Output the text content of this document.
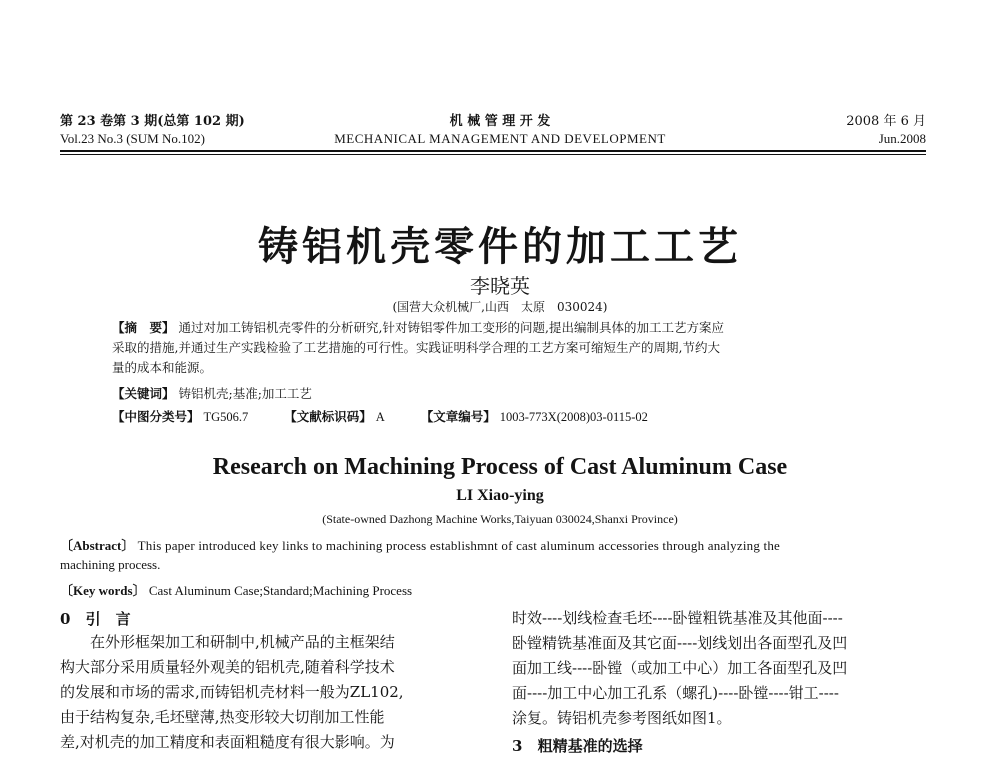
第 23 卷第 3 期(总第 102 期)
Vol.23 No.3 (SUM No.102)
机 械 管 理 开 发
MECHANICAL MANAGEMENT AND DEVELOPMENT
2008 年 6 月
Jun.2008
铸铝机壳零件的加工工艺
李晓英
(国营大众机械厂,山西　太原　030024)
【摘　要】 通过对加工铸铝机壳零件的分析研究,针对铸铝零件加工变形的问题,提出编制具体的加工工艺方案应
采取的措施,并通过生产实践检验了工艺措施的可行性。实践证明科学合理的工艺方案可缩短生产的周期,节约大
量的成本和能源。
【关键词】 铸铝机壳;基准;加工工艺
【中图分类号】 TG506.7	【文献标识码】 A	【文章编号】 1003-773X(2008)03-0115-02
Research on Machining Process of Cast Aluminum Case
LI Xiao-ying
(State-owned Dazhong Machine Works,Taiyuan 030024,Shanxi Province)
〔Abstract〕 This paper introduced key links to machining process establishmnt of cast aluminum accessories through analyzing the
machining process.
〔Key words〕 Cast Aluminum Case;Standard;Machining Process
0 引　言
在外形框架加工和研制中,机械产品的主框架结
构大部分采用质量轻外观美的铝机壳,随着科学技术
的发展和市场的需求,而铸铝机壳材料一般为ZL102,
由于结构复杂,毛坯壁薄,热变形较大切削加工性能
差,对机壳的加工精度和表面粗糙度有很大影响。为
时效----划线检查毛坯----卧镗粗铣基准及其他面----
卧镗精铣基准面及其它面----划线划出各面型孔及凹
面加工线----卧镗（或加工中心）加工各面型孔及凹
面----加工中心加工孔系（螺孔)----卧镗----钳工----
涂复。铸铝机壳参考图纸如图1。
3 粗精基准的选择
